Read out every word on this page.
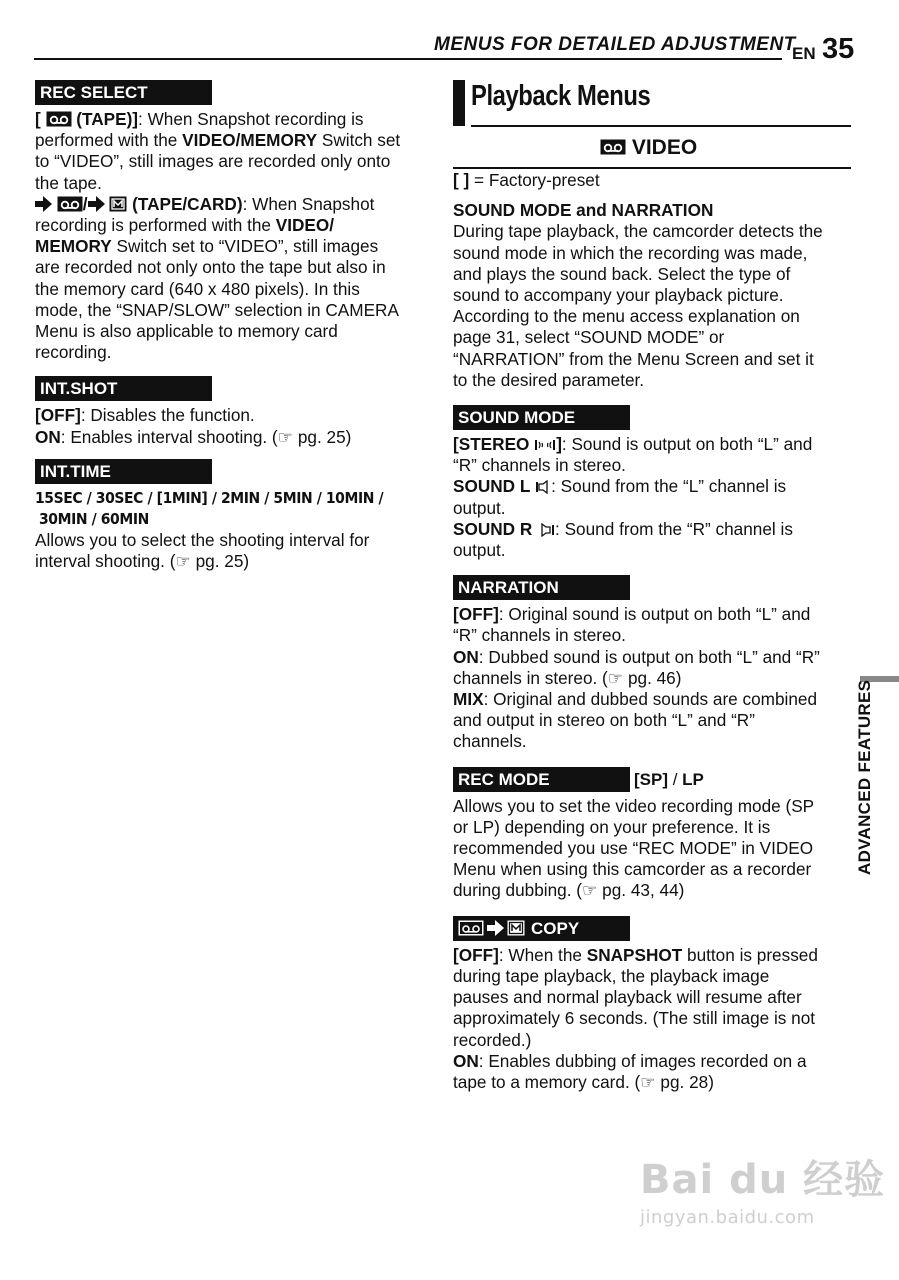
MENUS FOR DETAILED ADJUSTMENT
EN 35
REC SELECT

[ (TAPE)]: When Snapshot recording is

performed with the VIDEO/MEMORY Switch set

to “VIDEO”, still images are recorded only onto

the tape.

/  (TAPE/CARD): When Snapshot

recording is performed with the VIDEO/

MEMORY Switch set to “VIDEO”, still images

are recorded not only onto the tape but also in

the memory card (640 x 480 pixels). In this

mode, the “SNAP/SLOW” selection in CAMERA

Menu is also applicable to memory card

recording.

INT.SHOT

[OFF]: Disables the function.

ON: Enables interval shooting. (☞ pg. 25)

INT.TIME

15SEC / 30SEC / [1MIN] / 2MIN / 5MIN / 10MIN /

30MIN / 60MIN

Allows you to select the shooting interval for

interval shooting. (☞ pg. 25)

Playback Menus
VIDEO

[ ] = Factory-preset

SOUND MODE and NARRATION

During tape playback, the camcorder detects the

sound mode in which the recording was made,

and plays the sound back. Select the type of

sound to accompany your playback picture.

According to the menu access explanation on

page 31, select “SOUND MODE” or

“NARRATION” from the Menu Screen and set it

to the desired parameter.

SOUND MODE

[STEREO ]: Sound is output on both “L” and

“R” channels in stereo.

SOUND L : Sound from the “L” channel is

output.

SOUND R : Sound from the “R” channel is

output.

NARRATION

[OFF]: Original sound is output on both “L” and

“R” channels in stereo.

ON: Dubbed sound is output on both “L” and “R”

channels in stereo. (☞ pg. 46)

MIX: Original and dubbed sounds are combined

and output in stereo on both “L” and “R”

channels.

REC MODE	[SP] / LP

Allows you to set the video recording mode (SP

or LP) depending on your preference. It is

recommended you use “REC MODE” in VIDEO

Menu when using this camcorder as a recorder

during dubbing. (☞ pg. 43, 44)

COPY

[OFF]: When the SNAPSHOT button is pressed

during tape playback, the playback image

pauses and normal playback will resume after

approximately 6 seconds. (The still image is not

recorded.)

ON: Enables dubbing of images recorded on a

tape to a memory card. (☞ pg. 28)

ADVANCED FEATURES
Bai du 经验
jingyan.baidu.com
